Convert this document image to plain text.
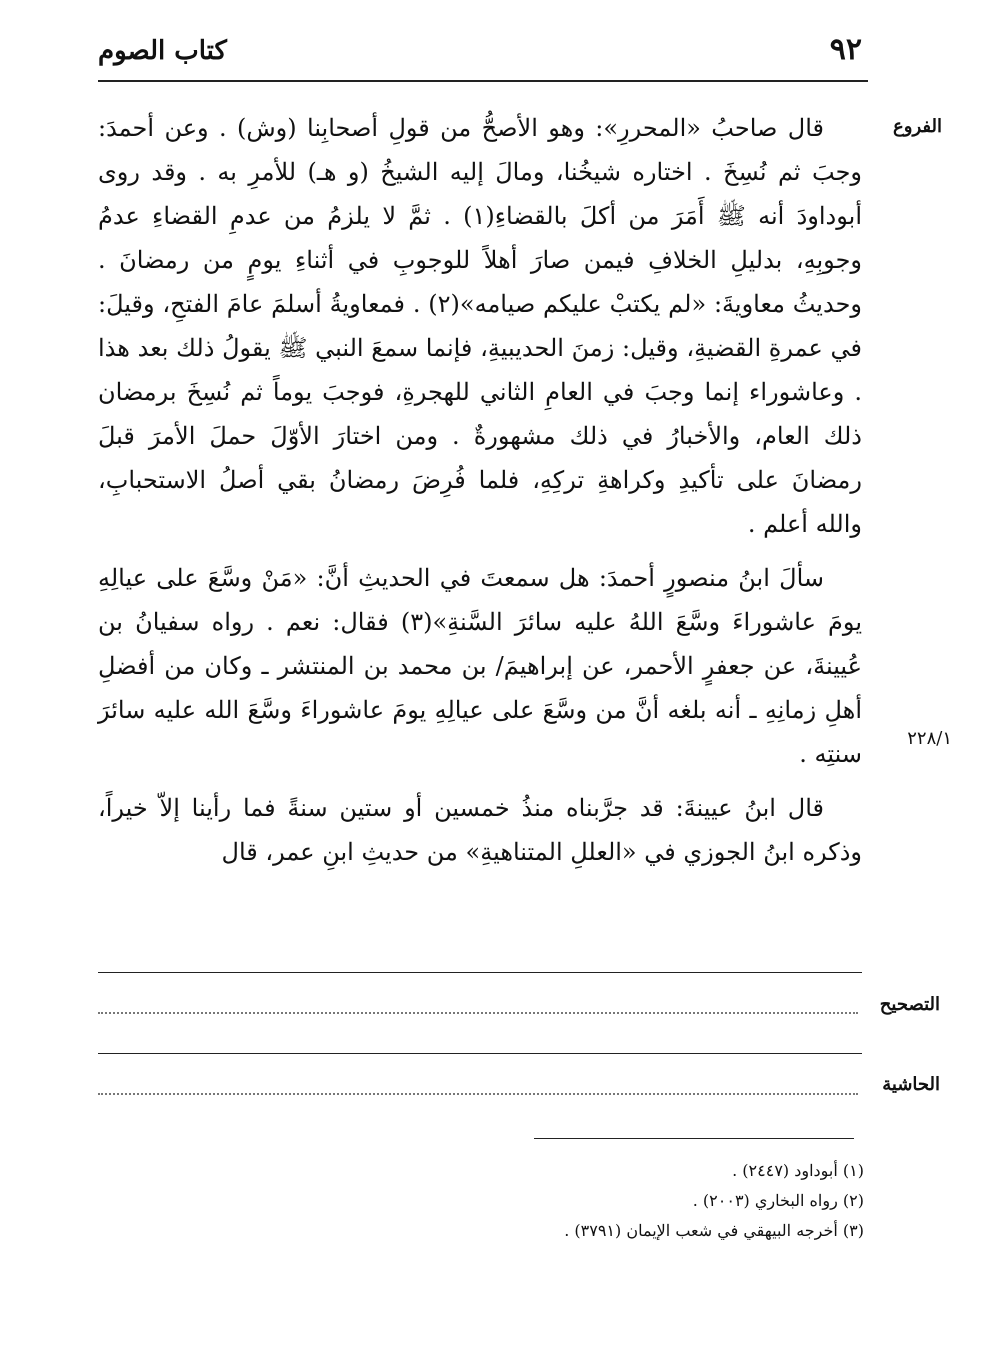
٩٢
كتاب الصوم
الفروع
٢٢٨/١

قال صاحبُ «المحررِ»: وهو الأصحُّ من قولِ أصحابِنا (وش) . وعن أحمدَ: وجبَ ثم نُسِخَ . اختاره شيخُنا، ومالَ إليه الشيخُ (و هـ) للأمرِ به . وقد روى أبوداودَ أنه ﷺ أَمَرَ من أكلَ بالقضاءِ(١) . ثمَّ لا يلزمُ من عدمِ القضاءِ عدمُ وجوبِهِ، بدليلِ الخلافِ فيمن صارَ أهلاً للوجوبِ في أثناءِ يومٍ من رمضانَ . وحديثُ معاويةَ: «لم يكتبْ عليكم صيامه»(٢) . فمعاويةُ أسلمَ عامَ الفتحِ، وقيلَ: في عمرةِ القضيةِ، وقيل: زمنَ الحديبيةِ، فإنما سمعَ النبي ﷺ يقولُ ذلك بعد هذا . وعاشوراء إنما وجبَ في العامِ الثاني للهجرةِ، فوجبَ يوماً ثم نُسِخَ برمضان ذلك العام، والأخبارُ في ذلك مشهورةٌ . ومن اختارَ الأوّلَ حملَ الأمرَ قبلَ رمضانَ على تأكيدِ وكراهةِ تركِهِ، فلما فُرِضَ رمضانُ بقي أصلُ الاستحبابِ، والله أعلم .

سألَ ابنُ منصورٍ أحمدَ: هل سمعتَ في الحديثِ أنَّ: «مَنْ وسَّعَ على عيالِهِ يومَ عاشوراءَ وسَّعَ اللهُ عليه سائرَ السَّنةِ»(٣) فقال: نعم . رواه سفيانُ بن عُيينةَ، عن جعفرٍ الأحمر، عن إبراهيمَ/ بن محمد بن المنتشر ـ وكان من أفضلِ أهلِ زمانِهِ ـ أنه بلغه أنَّ من وسَّعَ على عيالِهِ يومَ عاشوراءَ وسَّعَ الله عليه سائرَ سنتِه .

قال ابنُ عيينةَ: قد جرَّبناه منذُ خمسين أو ستين سنةً فما رأينا إلاّ خيراً، وذكره ابنُ الجوزي في «العللِ المتناهيةِ» من حديثِ ابنِ عمر، قال

التصحيح
الحاشية

(١) أبوداود (٢٤٤٧) .

(٢) رواه البخاري (٢٠٠٣) .

(٣) أخرجه البيهقي في شعب الإيمان (٣٧٩١) .
